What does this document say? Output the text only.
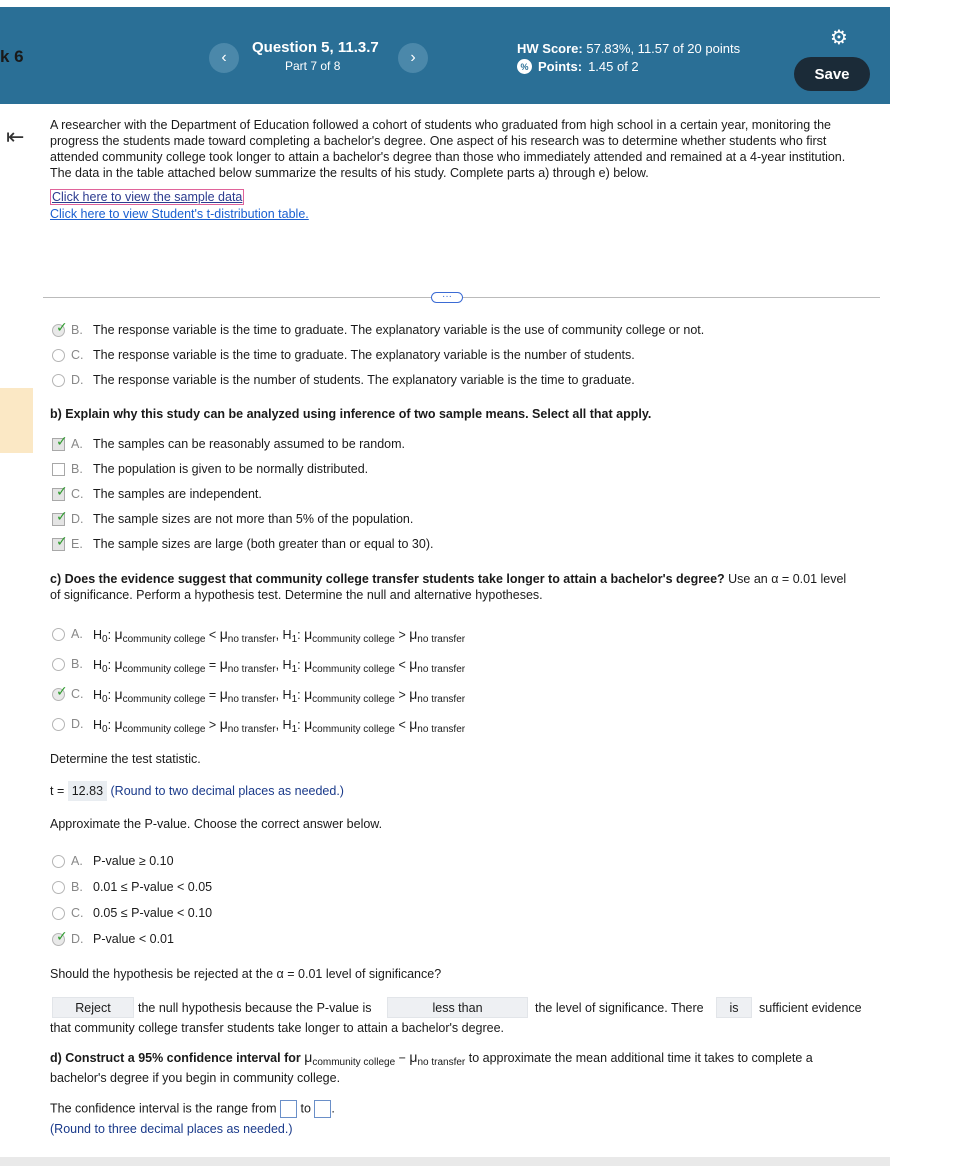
‹
Question 5, 11.3.7
Part 7 of 8	›
HW Score: 57.83%, 11.57 of 20 points
% Points: 1.45 of 2
⚙
Save
k 6
⇤ A researcher with the Department of Education followed a cohort of students who graduated from high school in a certain year, monitoring the progress the students made toward completing a bachelor's degree. One aspect of his research was to determine whether students who first attended community college took longer to attain a bachelor's degree than those who immediately attended and remained at a 4-year institution. The data in the table attached below summarize the results of his study. Complete parts a) through e) below.
Click here to view the sample data
Click here to view Student's t-distribution table.
···
✓ B. The response variable is the time to graduate. The explanatory variable is the use of community college or not.
C. The response variable is the time to graduate. The explanatory variable is the number of students.
D. The response variable is the number of students. The explanatory variable is the time to graduate.
b) Explain why this study can be analyzed using inference of two sample means. Select all that apply.
✓ A. The samples can be reasonably assumed to be random.
B. The population is given to be normally distributed.
✓ C. The samples are independent.
✓ D. The sample sizes are not more than 5% of the population.
✓ E. The sample sizes are large (both greater than or equal to 30).
c) Does the evidence suggest that community college transfer students take longer to attain a bachelor's degree? Use an α = 0.01 level of significance. Perform a hypothesis test. Determine the null and alternative hypotheses.
A. $H_0$: $\mu_{community college} < \mu_{no transfer}$, $H_1$: $\mu_{community college} > \mu_{no transfer}$
B. $H_0$: $\mu_{community college} = \mu_{no transfer}$, $H_1$: $\mu_{community college} < \mu_{no transfer}$
✓ C. $H_0$: $\mu_{community college} = \mu_{no transfer}$, $H_1$: $\mu_{community college} > \mu_{no transfer}$
D. $H_0$: $\mu_{community college} > \mu_{no transfer}$, $H_1$: $\mu_{community college} < \mu_{no transfer}$
Determine the test statistic.
t = 12.83 (Round to two decimal places as needed.)
Approximate the P-value. Choose the correct answer below.
A. P-value ≥ 0.10
B. 0.01 ≤ P-value < 0.05
C. 0.05 ≤ P-value < 0.10
✓ D. P-value < 0.01
Should the hypothesis be rejected at the α = 0.01 level of significance?
Reject	the null hypothesis because the P-value is	less than	the level of significance. There	is	sufficient evidence
that community college transfer students take longer to attain a bachelor's degree.
d) Construct a 95% confidence interval for $\mu_{community college} - \mu_{no transfer}$ to approximate the mean additional time it takes to complete a
bachelor's degree if you begin in community college.
The confidence interval is the range from to .
(Round to three decimal places as needed.)
